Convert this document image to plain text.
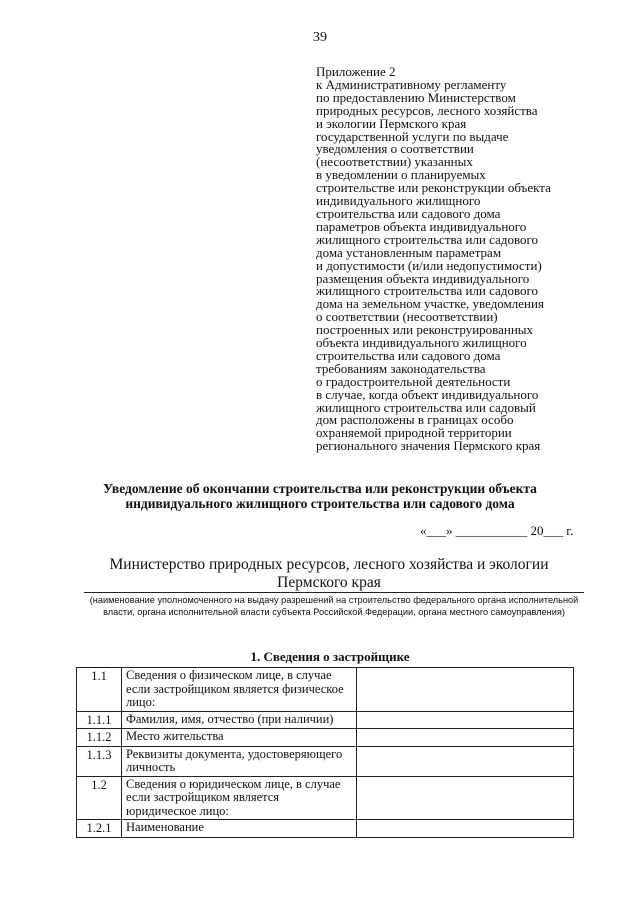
39
Приложение 2
к Административному регламенту
по предоставлению Министерством
природных ресурсов, лесного хозяйства
и экологии Пермского края
государственной услуги по выдаче
уведомления о соответствии
(несоответствии) указанных
в уведомлении о планируемых
строительстве или реконструкции объекта
индивидуального жилищного
строительства или садового дома
параметров объекта индивидуального
жилищного строительства или садового
дома установленным параметрам
и допустимости (и/или недопустимости)
размещения объекта индивидуального
жилищного строительства или садового
дома на земельном участке, уведомления
о соответствии (несоответствии)
построенных или реконструированных
объекта индивидуального жилищного
строительства или садового дома
требованиям законодательства
о градостроительной деятельности
в случае, когда объект индивидуального
жилищного строительства или садовый
дом расположены в границах особо
охраняемой природной территории
регионального значения Пермского края
Уведомление об окончании строительства или реконструкции объекта индивидуального жилищного строительства или садового дома
«___» ___________ 20___ г.
Министерство природных ресурсов, лесного хозяйства и экологии Пермского края
(наименование уполномоченного на выдачу разрешений на строительство федерального органа исполнительной власти, органа исполнительной власти субъекта Российской Федерации, органа местного самоуправления)
1. Сведения о застройщике
1.1	Сведения о физическом лице, в случае если застройщиком является физическое лицо:	
1.1.1	Фамилия, имя, отчество (при наличии)	
1.1.2	Место жительства	
1.1.3	Реквизиты документа, удостоверяющего личность	
1.2	Сведения о юридическом лице, в случае если застройщиком является юридическое лицо:	
1.2.1	Наименование	
